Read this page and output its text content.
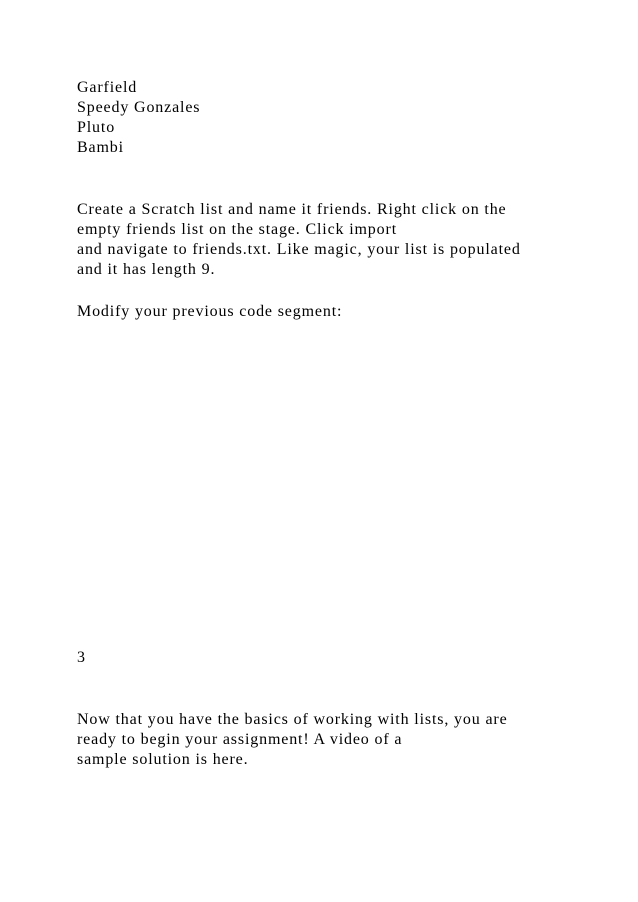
Garfield
Speedy Gonzales
Pluto
Bambi
Create a Scratch list and name it friends. Right click on the
empty friends list on the stage. Click import
and navigate to friends.txt. Like magic, your list is populated
and it has length 9.
Modify your previous code segment:
3
Now that you have the basics of working with lists, you are
ready to begin your assignment! A video of a
sample solution is here.
